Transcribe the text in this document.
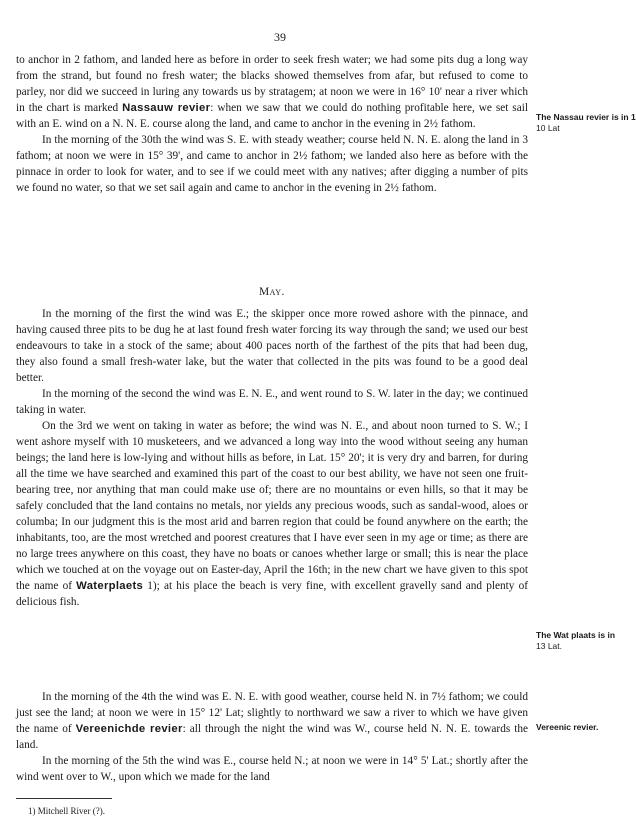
39

to anchor in 2 fathom, and landed here as before in order to seek fresh water; we had some pits dug a long way from the strand, but found no fresh water; the blacks showed themselves from afar, but refused to come to parley, nor did we succeed in luring any towards us by stratagem; at noon we were in 16° 10' near a river which in the chart is marked Nassauw revier: when we saw that we could do nothing profitable here, we set sail with an E. wind on a N. N. E. course along the land, and came to anchor in the evening in 2½ fathom.

In the morning of the 30th the wind was S. E. with steady weather; course held N. N. E. along the land in 3 fathom; at noon we were in 15° 39', and came to anchor in 2½ fathom; we landed also here as before with the pinnace in order to look for water, and to see if we could meet with any natives; after digging a number of pits we found no water, so that we set sail again and came to anchor in the evening in 2½ fathom.

May.

In the morning of the first the wind was E.; the skipper once more rowed ashore with the pinnace, and having caused three pits to be dug he at last found fresh water forcing its way through the sand; we used our best endeavours to take in a stock of the same; about 400 paces north of the farthest of the pits that had been dug, they also found a small fresh-water lake, but the water that collected in the pits was found to be a good deal better.

In the morning of the second the wind was E. N. E., and went round to S. W. later in the day; we continued taking in water.

On the 3rd we went on taking in water as before; the wind was N. E., and about noon turned to S. W.; I went ashore myself with 10 musketeers, and we advanced a long way into the wood without seeing any human beings; the land here is low-lying and without hills as before, in Lat. 15° 20'; it is very dry and barren, for during all the time we have searched and examined this part of the coast to our best ability, we have not seen one fruit-bearing tree, nor anything that man could make use of; there are no mountains or even hills, so that it may be safely concluded that the land contains no metals, nor yields any precious woods, such as sandal-wood, aloes or columba; In our judgment this is the most arid and barren region that could be found anywhere on the earth; the inhabitants, too, are the most wretched and poorest creatures that I have ever seen in my age or time; as there are no large trees anywhere on this coast, they have no boats or canoes whether large or small; this is near the place which we touched at on the voyage out on Easter-day, April the 16th; in the new chart we have given to this spot the name of Waterplaets 1); at his place the beach is very fine, with excellent gravelly sand and plenty of delicious fish.

In the morning of the 4th the wind was E. N. E. with good weather, course held N. in 7½ fathom; we could just see the land; at noon we were in 15° 12' Lat; slightly to northward we saw a river to which we have given the name of Vereenichde revier: all through the night the wind was W., course held N. N. E. towards the land.

In the morning of the 5th the wind was E., course held N.; at noon we were in 14° 5' Lat.; shortly after the wind went over to W., upon which we made for the land

The Nassau revier is in 1
10 Lat
The Wat plaats is in
13 Lat.
Vereenic revier.
1) Mitchell River (?).
